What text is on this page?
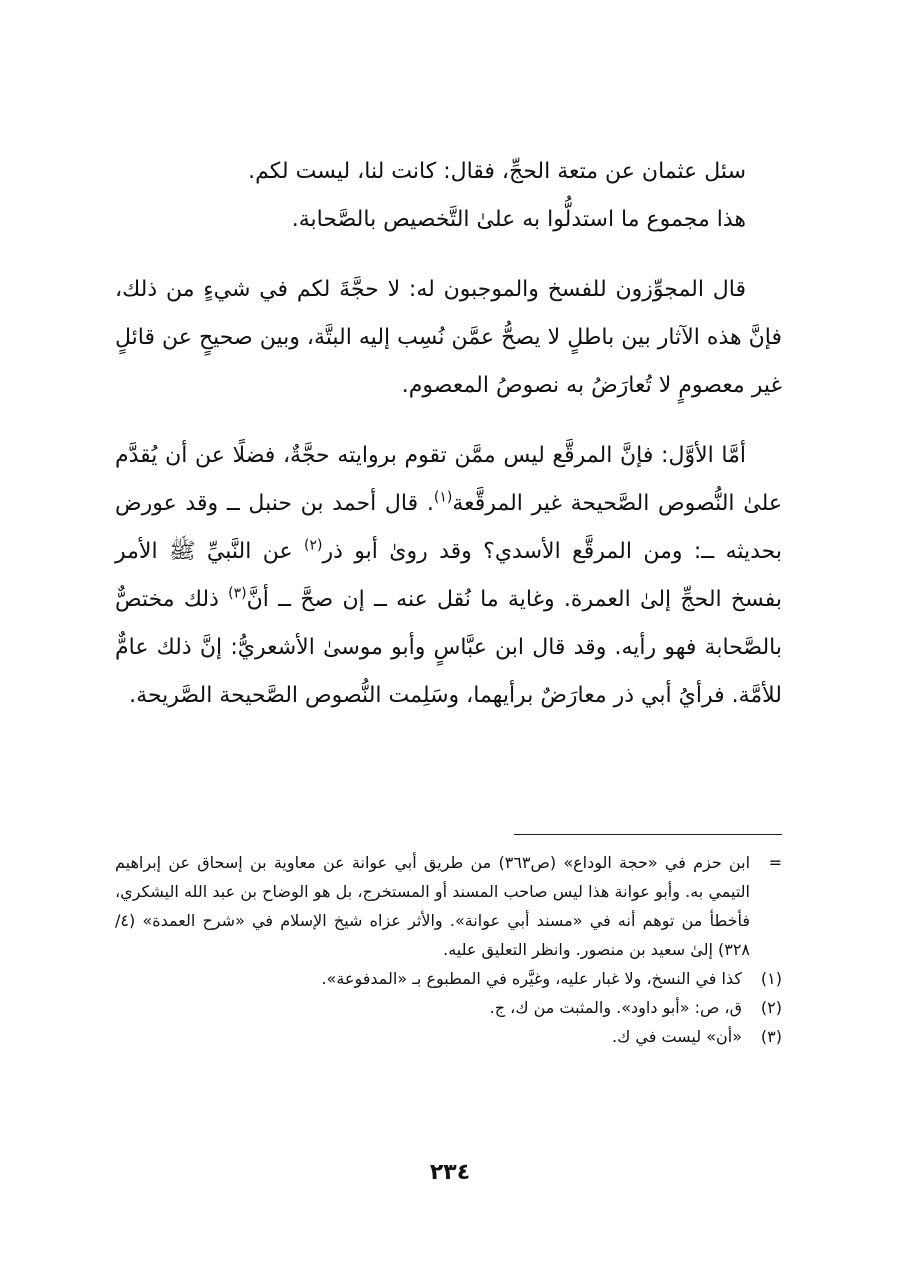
سئل عثمان عن متعة الحجِّ، فقال: كانت لنا، ليست لكم.

هذا مجموع ما استدلُّوا به علىٰ التَّخصيص بالصَّحابة.

قال المجوِّزون للفسخ والموجبون له: لا حجَّةَ لكم في شيءٍ من ذلك، فإنَّ هذه الآثار بين باطلٍ لا يصحُّ عمَّن نُسِب إليه البتَّة، وبين صحيحٍ عن قائلٍ غير معصومٍ لا تُعارَضُ به نصوصُ المعصوم.

أمَّا الأوَّل: فإنَّ المرقَّع ليس ممَّن تقوم بروايته حجَّةٌ، فضلًا عن أن يُقدَّم علىٰ النُّصوص الصَّحيحة غير المرقَّعة$^{(١)}$. قال أحمد بن حنبل ــ وقد عورض بحديثه ــ: ومن المرقَّع الأسدي؟ وقد روىٰ أبو ذر$^{(٢)}$ عن النَّبيِّ ﷺ الأمر بفسخ الحجِّ إلىٰ العمرة. وغاية ما نُقل عنه ــ إن صحَّ ــ أنَّ$^{(٣)}$ ذلك مختصٌّ بالصَّحابة فهو رأيه. وقد قال ابن عبَّاسٍ وأبو موسىٰ الأشعريُّ: إنَّ ذلك عامٌّ للأمَّة. فرأيُ أبي ذر معارَضٌ برأيهما، وسَلِمت النُّصوص الصَّحيحة الصَّريحة.

=
ابن حزم في «حجة الوداع» (ص٣٦٣) من طريق أبي عوانة عن معاوية بن إسحاق عن إبراهيم التيمي به. وأبو عوانة هذا ليس صاحب المسند أو المستخرج، بل هو الوضاح بن عبد الله اليشكري، فأخطأ من توهم أنه في «مسند أبي عوانة». والأثر عزاه شيخ الإسلام في «شرح العمدة» (٤/ ٣٢٨) إلىٰ سعيد بن منصور. وانظر التعليق عليه.
(١)
كذا في النسخ، ولا غبار عليه، وغيَّره في المطبوع بـ «المدفوعة».
(٢)
ق، ص: «أبو داود». والمثبت من ك، ج.
(٣)
«أن» ليست في ك.
٢٣٤
